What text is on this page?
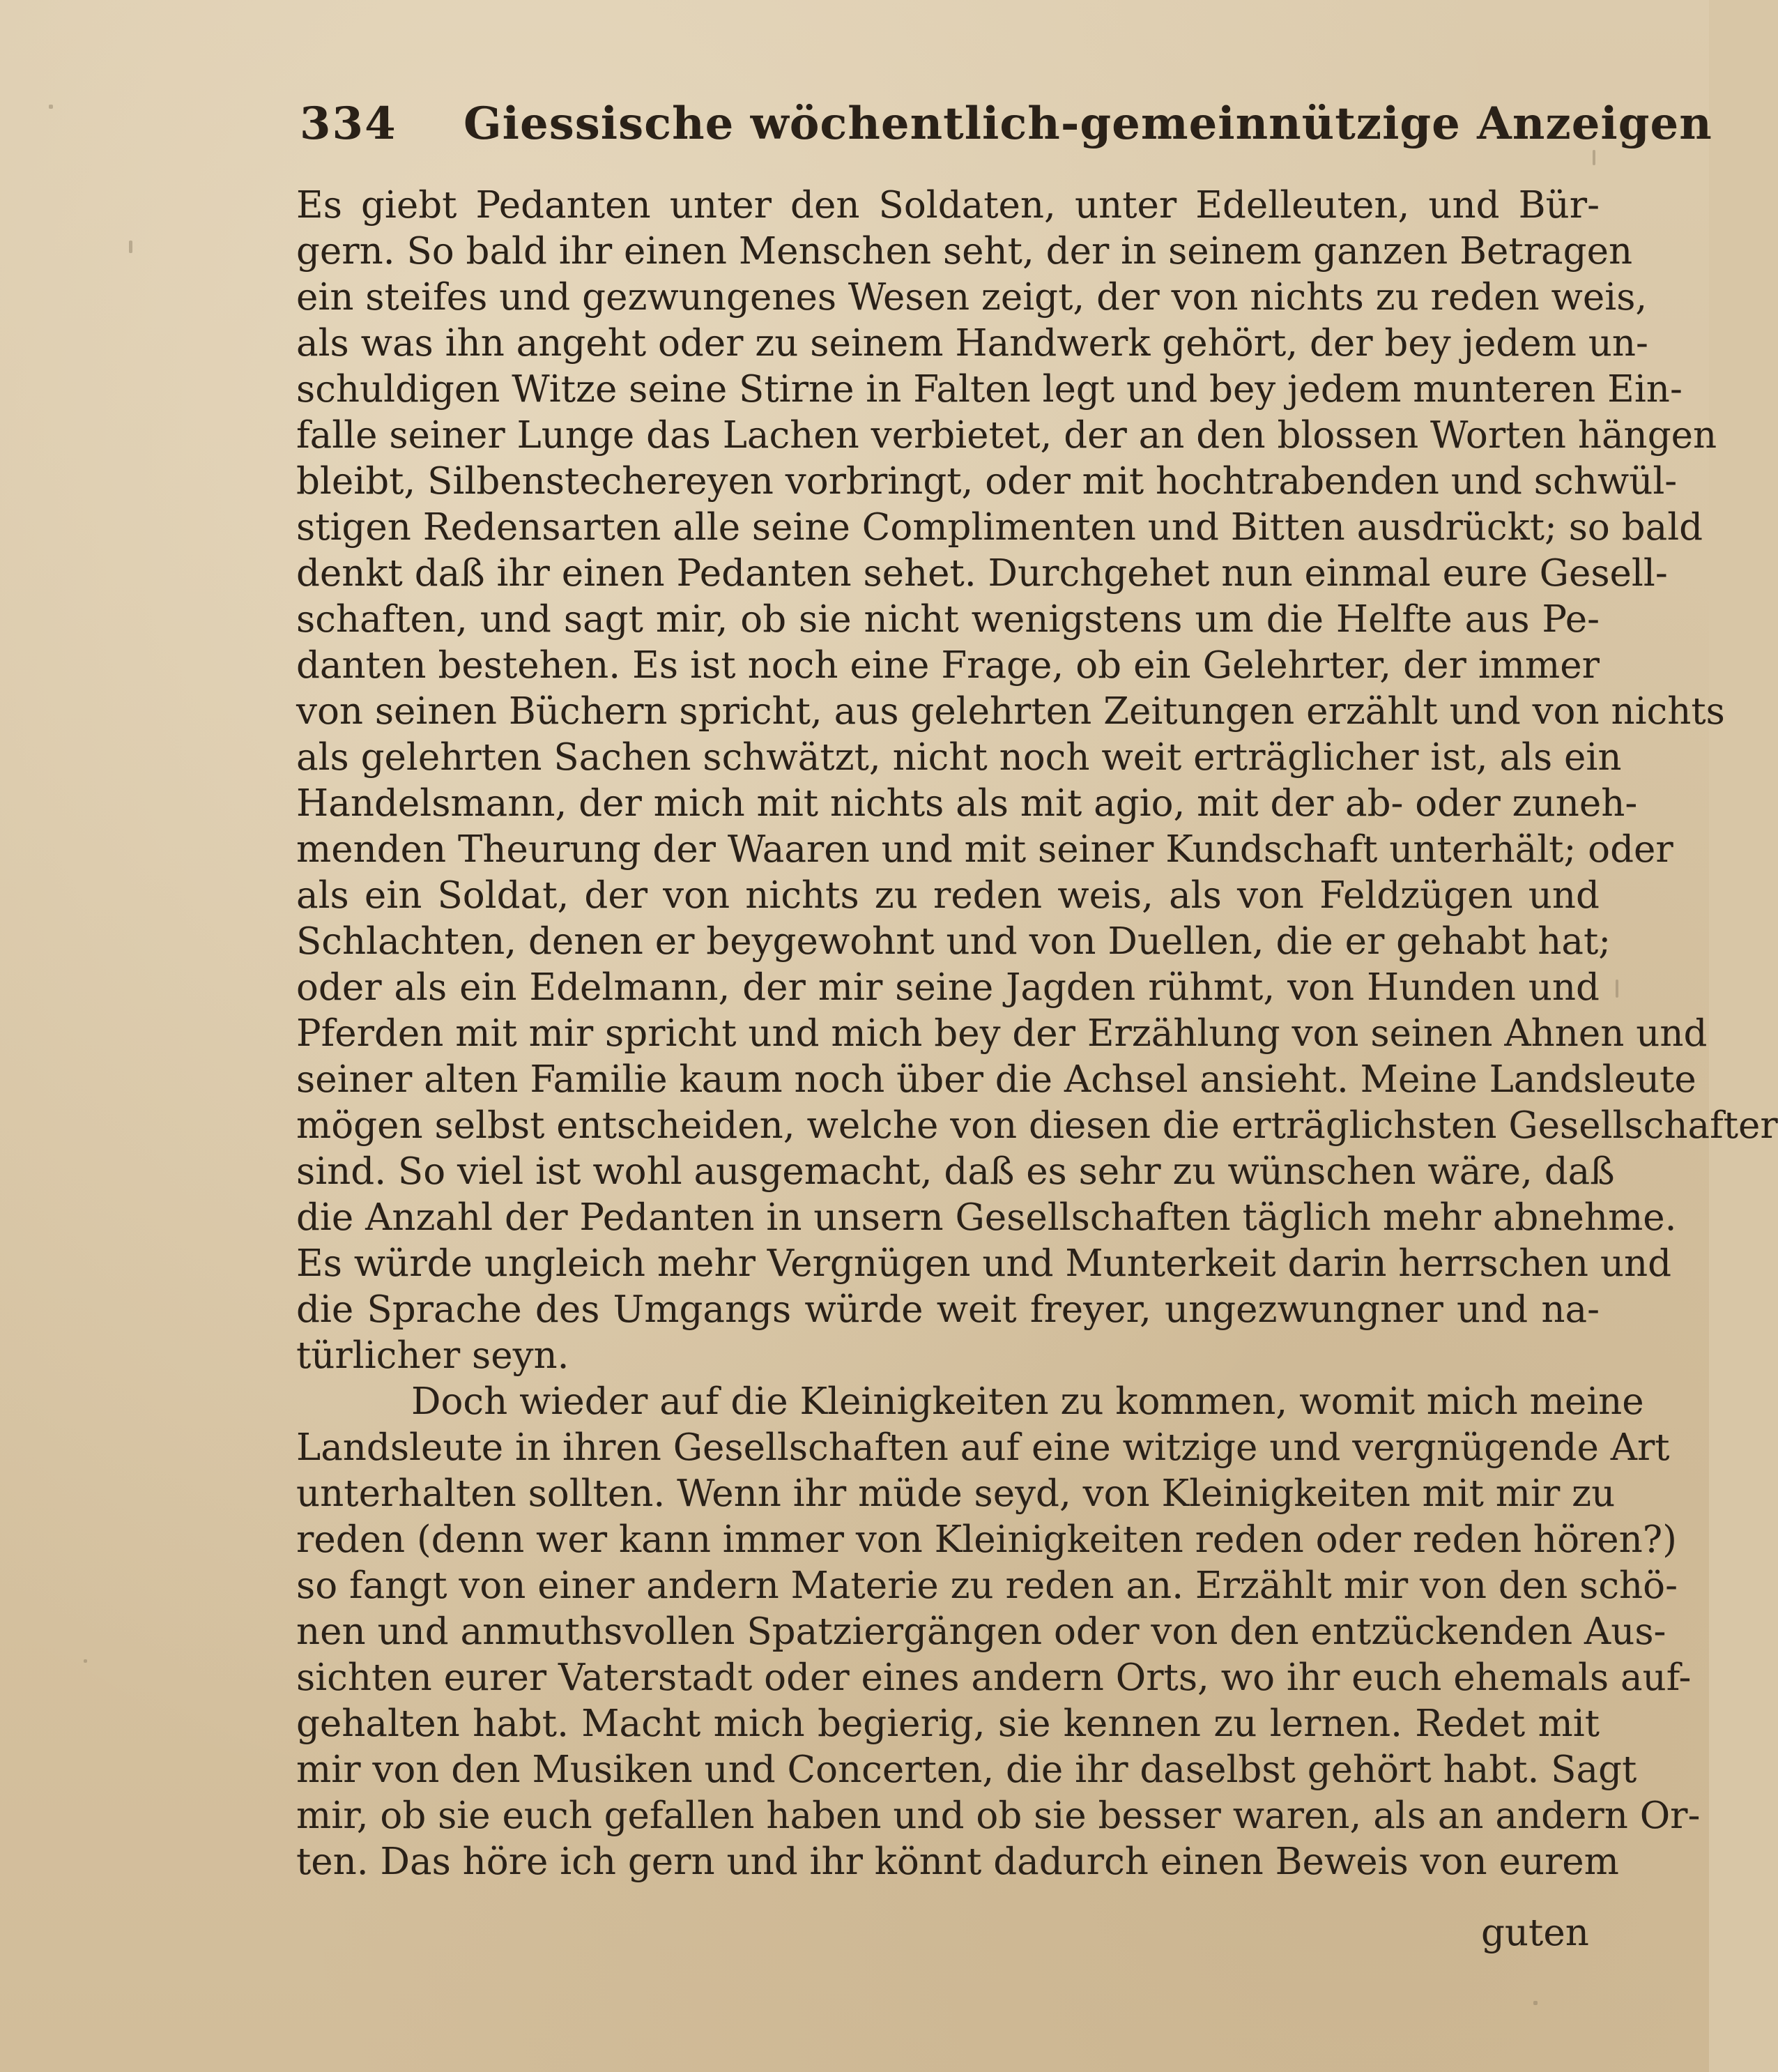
334 Giessische wöchentlich-gemeinnützige Anzeigen
Es giebt Pedanten unter den Soldaten, unter Edelleuten, und Bür-
gern. So bald ihr einen Menschen seht, der in seinem ganzen Betragen
ein steifes und gezwungenes Wesen zeigt, der von nichts zu reden weis,
als was ihn angeht oder zu seinem Handwerk gehört, der bey jedem un-
schuldigen Witze seine Stirne in Falten legt und bey jedem munteren Ein-
falle seiner Lunge das Lachen verbietet, der an den blossen Worten hängen
bleibt, Silbenstechereyen vorbringt, oder mit hochtrabenden und schwül-
stigen Redensarten alle seine Complimenten und Bitten ausdrückt; so bald
denkt daß ihr einen Pedanten sehet. Durchgehet nun einmal eure Gesell-
schaften, und sagt mir, ob sie nicht wenigstens um die Helfte aus Pe-
danten bestehen. Es ist noch eine Frage, ob ein Gelehrter, der immer
von seinen Büchern spricht, aus gelehrten Zeitungen erzählt und von nichts
als gelehrten Sachen schwätzt, nicht noch weit erträglicher ist, als ein
Handelsmann, der mich mit nichts als mit agio, mit der ab- oder zuneh-
menden Theurung der Waaren und mit seiner Kundschaft unterhält; oder
als ein Soldat, der von nichts zu reden weis, als von Feldzügen und
Schlachten, denen er beygewohnt und von Duellen, die er gehabt hat;
oder als ein Edelmann, der mir seine Jagden rühmt, von Hunden und
Pferden mit mir spricht und mich bey der Erzählung von seinen Ahnen und
seiner alten Familie kaum noch über die Achsel ansieht. Meine Landsleute
mögen selbst entscheiden, welche von diesen die erträglichsten Gesellschafter
sind. So viel ist wohl ausgemacht, daß es sehr zu wünschen wäre, daß
die Anzahl der Pedanten in unsern Gesellschaften täglich mehr abnehme.
Es würde ungleich mehr Vergnügen und Munterkeit darin herrschen und
die Sprache des Umgangs würde weit freyer, ungezwungner und na-
türlicher seyn.
Doch wieder auf die Kleinigkeiten zu kommen, womit mich meine
Landsleute in ihren Gesellschaften auf eine witzige und vergnügende Art
unterhalten sollten. Wenn ihr müde seyd, von Kleinigkeiten mit mir zu
reden (denn wer kann immer von Kleinigkeiten reden oder reden hören?)
so fangt von einer andern Materie zu reden an. Erzählt mir von den schö-
nen und anmuthsvollen Spatziergängen oder von den entzückenden Aus-
sichten eurer Vaterstadt oder eines andern Orts, wo ihr euch ehemals auf-
gehalten habt. Macht mich begierig, sie kennen zu lernen. Redet mit
mir von den Musiken und Concerten, die ihr daselbst gehört habt. Sagt
mir, ob sie euch gefallen haben und ob sie besser waren, als an andern Or-
ten. Das höre ich gern und ihr könnt dadurch einen Beweis von eurem
guten
